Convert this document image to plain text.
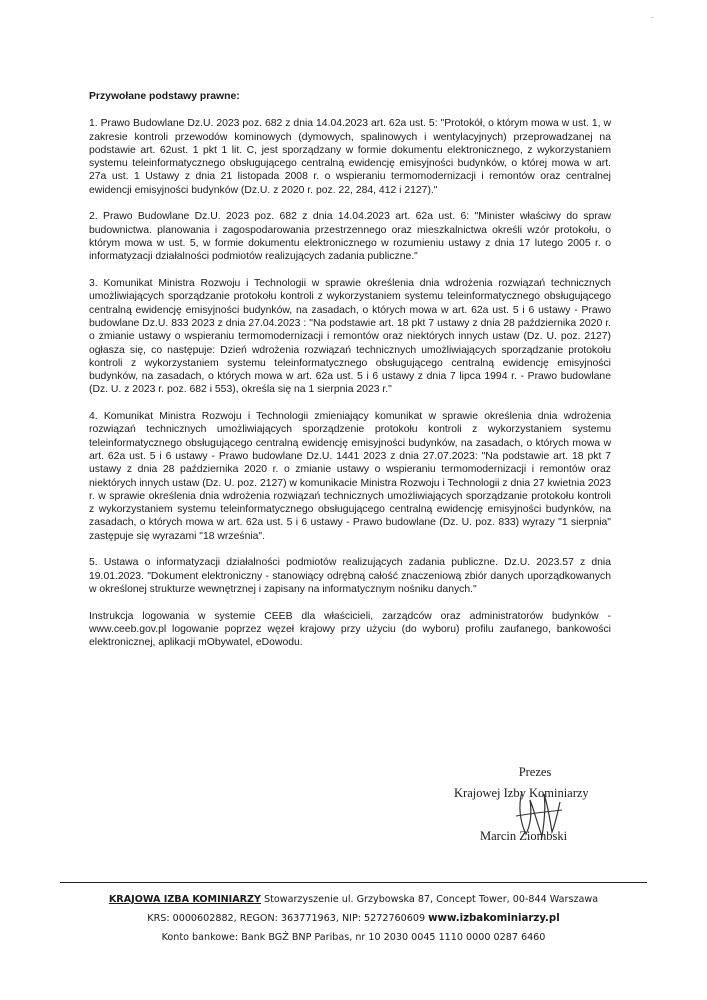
-

Przywołane podstawy prawne:

1. Prawo Budowlane Dz.U. 2023 poz. 682 z dnia 14.04.2023 art. 62a ust. 5: "Protokół, o którym mowa w ust. 1, w zakresie kontroli przewodów kominowych (dymowych, spalinowych i wentylacyjnych) przeprowadzanej na podstawie art. 62ust. 1 pkt 1 lit. C, jest sporządzany w formie dokumentu elektronicznego, z wykorzystaniem systemu teleinformatycznego obsługującego centralną ewidencję emisyjności budynków, o której mowa w art. 27a ust. 1 Ustawy z dnia 21 listopada 2008 r. o wspieraniu termomodernizacji i remontów oraz centralnej ewidencji emisyjności budynków (Dz.U. z 2020 r. poz. 22, 284, 412 i 2127)."

2. Prawo Budowlane Dz.U. 2023 poz. 682 z dnia 14.04.2023 art. 62a ust. 6: "Minister właściwy do spraw budownictwa. planowania i zagospodarowania przestrzennego oraz mieszkalnictwa określi wzór protokołu, o którym mowa w ust. 5, w formie dokumentu elektronicznego w rozumieniu ustawy z dnia 17 lutego 2005 r. o informatyzacji działalności podmiotów realizujących zadania publiczne."

3. Komunikat Ministra Rozwoju i Technologii w sprawie określenia dnia wdrożenia rozwiązań technicznych umożliwiających sporządzanie protokołu kontroli z wykorzystaniem systemu teleinformatycznego obsługującego centralną ewidencję emisyjności budynków, na zasadach, o których mowa w art. 62a ust. 5 i 6 ustawy - Prawo budowlane Dz.U. 833 2023 z dnia 27.04.2023 : "Na podstawie art. 18 pkt 7 ustawy z dnia 28 października 2020 r. o zmianie ustawy o wspieraniu termomodernizacji i remontów oraz niektórych innych ustaw (Dz. U. poz. 2127) ogłasza się, co następuje: Dzień wdrożenia rozwiązań technicznych umożliwiających sporządzanie protokołu kontroli z wykorzystaniem systemu teleinformatycznego obsługującego centralną ewidencję emisyjności budynków, na zasadach, o których mowa w art. 62a ust. 5 i 6 ustawy z dnia 7 lipca 1994 r. - Prawo budowlane (Dz. U. z 2023 r. poz. 682 i 553), określa się na 1 sierpnia 2023 r."

4. Komunikat Ministra Rozwoju i Technologii zmieniający komunikat w sprawie określenia dnia wdrożenia rozwiązań technicznych umożliwiających sporządzenie protokołu kontroli z wykorzystaniem systemu teleinformatycznego obsługującego centralną ewidencję emisyjności budynków, na zasadach, o których mowa w art. 62a ust. 5 i 6 ustawy - Prawo budowlane Dz.U. 1441 2023 z dnia 27.07.2023: "Na podstawie art. 18 pkt 7 ustawy z dnia 28 października 2020 r. o zmianie ustawy o wspieraniu termomodernizacji i remontów oraz niektórych innych ustaw (Dz. U. poz. 2127) w komunikacie Ministra Rozwoju i Technologii z dnia 27 kwietnia 2023 r. w sprawie określenia dnia wdrożenia rozwiązań technicznych umożliwiających sporządzanie protokołu kontroli z wykorzystaniem systemu teleinformatycznego obsługującego centralną ewidencję emisyjności budynków, na zasadach, o których mowa w art. 62a ust. 5 i 6 ustawy - Prawo budowlane (Dz. U. poz. 833) wyrazy "1 sierpnia" zastępuje się wyrazami "18 września".

5. Ustawa o informatyzacji działalności podmiotów realizujących zadania publiczne. Dz.U. 2023.57 z dnia 19.01.2023. "Dokument elektroniczny - stanowiący odrębną całość znaczeniową zbiór danych uporządkowanych w określonej strukturze wewnętrznej i zapisany na informatycznym nośniku danych."

Instrukcja logowania w systemie CEEB dla właścicieli, zarządców oraz administratorów budynków - www.ceeb.gov.pl logowanie poprzez węzeł krajowy przy użyciu (do wyboru) profilu zaufanego, bankowości elektronicznej, aplikacji mObywatel, eDowodu.

Prezes
Krajowej Izby Kominiarzy
Marcin Ziombski
KRAJOWA IZBA KOMINIARZY Stowarzyszenie ul. Grzybowska 87, Concept Tower, 00-844 Warszawa
KRS: 0000602882, REGON: 363771963, NIP: 5272760609 www.izbakominiarzy.pl
Konto bankowe: Bank BGŻ BNP Paribas, nr 10 2030 0045 1110 0000 0287 6460
